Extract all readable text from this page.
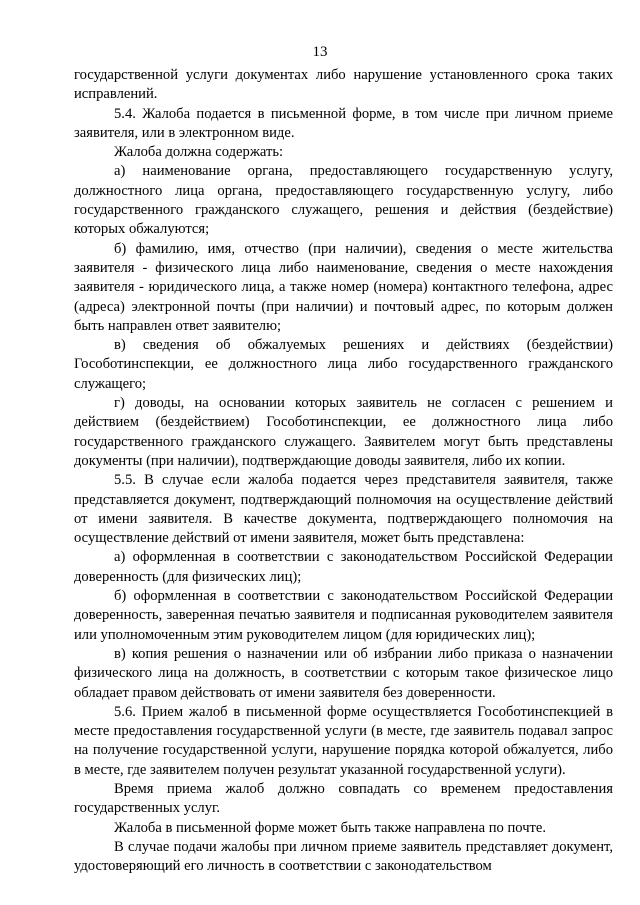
13

государственной услуги документах либо нарушение установленного срока таких исправлений.

5.4. Жалоба подается в письменной форме, в том числе при личном приеме заявителя, или в электронном виде.

Жалоба должна содержать:

а) наименование органа, предоставляющего государственную услугу, должностного лица органа, предоставляющего государственную услугу, либо государственного гражданского служащего, решения и действия (бездействие) которых обжалуются;

б) фамилию, имя, отчество (при наличии), сведения о месте жительства заявителя - физического лица либо наименование, сведения о месте нахождения заявителя - юридического лица, а также номер (номера) контактного телефона, адрес (адреса) электронной почты (при наличии) и почтовый адрес, по которым должен быть направлен ответ заявителю;

в) сведения об обжалуемых решениях и действиях (бездействии) Гособотинспекции, ее должностного лица либо государственного гражданского служащего;

г) доводы, на основании которых заявитель не согласен с решением и действием (бездействием) Гособотинспекции, ее должностного лица либо государственного гражданского служащего. Заявителем могут быть представлены документы (при наличии), подтверждающие доводы заявителя, либо их копии.

5.5. В случае если жалоба подается через представителя заявителя, также представляется документ, подтверждающий полномочия на осуществление действий от имени заявителя. В качестве документа, подтверждающего полномочия на осуществление действий от имени заявителя, может быть представлена:

а) оформленная в соответствии с законодательством Российской Федерации доверенность (для физических лиц);

б) оформленная в соответствии с законодательством Российской Федерации доверенность, заверенная печатью заявителя и подписанная руководителем заявителя или уполномоченным этим руководителем лицом (для юридических лиц);

в) копия решения о назначении или об избрании либо приказа о назначении физического лица на должность, в соответствии с которым такое физическое лицо обладает правом действовать от имени заявителя без доверенности.

5.6. Прием жалоб в письменной форме осуществляется Гособотинспекцией в месте предоставления государственной услуги (в месте, где заявитель подавал запрос на получение государственной услуги, нарушение порядка которой обжалуется, либо в месте, где заявителем получен результат указанной государственной услуги).

Время приема жалоб должно совпадать со временем предоставления государственных услуг.

Жалоба в письменной форме может быть также направлена по почте.

В случае подачи жалобы при личном приеме заявитель представляет документ, удостоверяющий его личность в соответствии с законодательством
